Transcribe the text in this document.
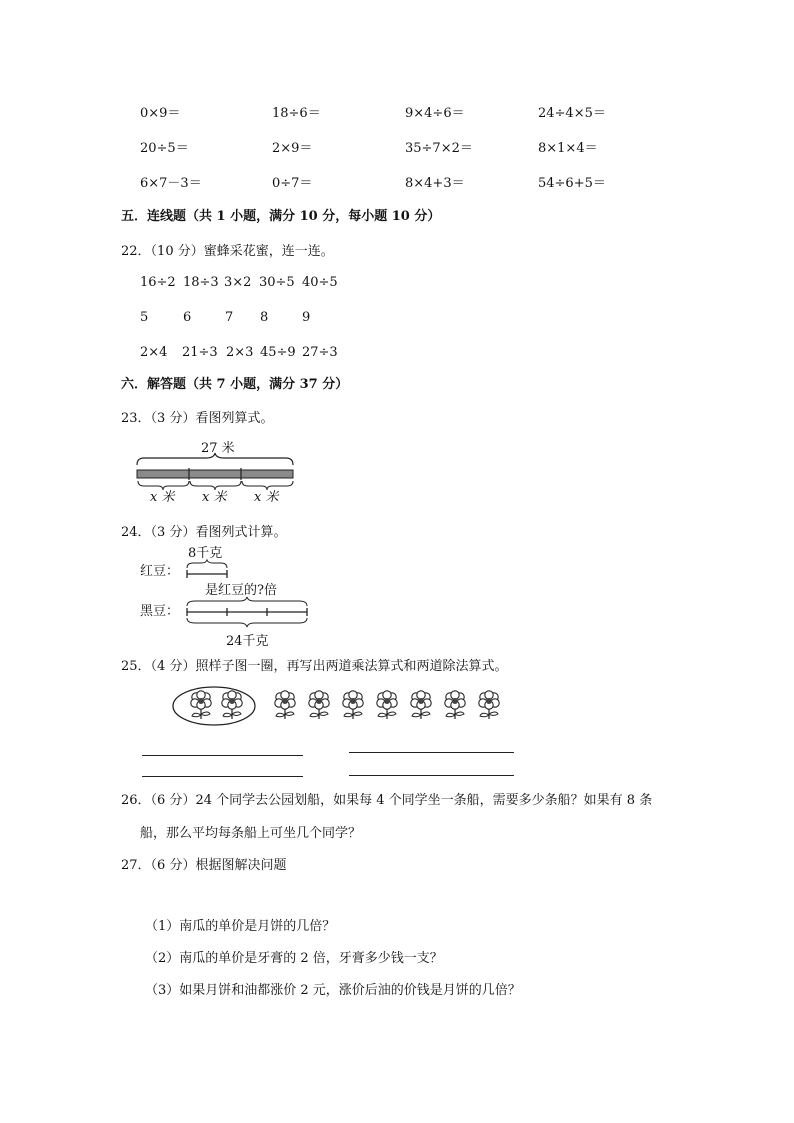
0×9＝	18÷6＝	9×4÷6＝	24÷4×5＝
20÷5＝	2×9＝	35÷7×2＝	8×1×4＝
6×7－3＝	0÷7＝	8×4+3＝	54÷6+5＝
五．连线题（共 1 小题，满分 10 分，每小题 10 分）
22．（10 分）蜜蜂采花蜜，连一连。
16÷2 18÷3 3×2 30÷5 40÷5
5	6	7 8	9
2×4 21÷3 2×3 45÷9 27÷3
六．解答题（共 7 小题，满分 37 分）
23．（3 分）看图列算式。
27 米
x 米 x 米 x 米
24．（3 分）看图列式计算。
8千克
红豆：
是红豆的?倍
黑豆：
24千克
25．（4 分）照样子图一圈，再写出两道乘法算式和两道除法算式。
26．（6 分）24 个同学去公园划船，如果每 4 个同学坐一条船，需要多少条船？如果有 8 条
船，那么平均每条船上可坐几个同学？
27．（6 分）根据图解决问题
（1）南瓜的单价是月饼的几倍？
（2）南瓜的单价是牙膏的 2 倍，牙膏多少钱一支？
（3）如果月饼和油都涨价 2 元，涨价后油的价钱是月饼的几倍？
